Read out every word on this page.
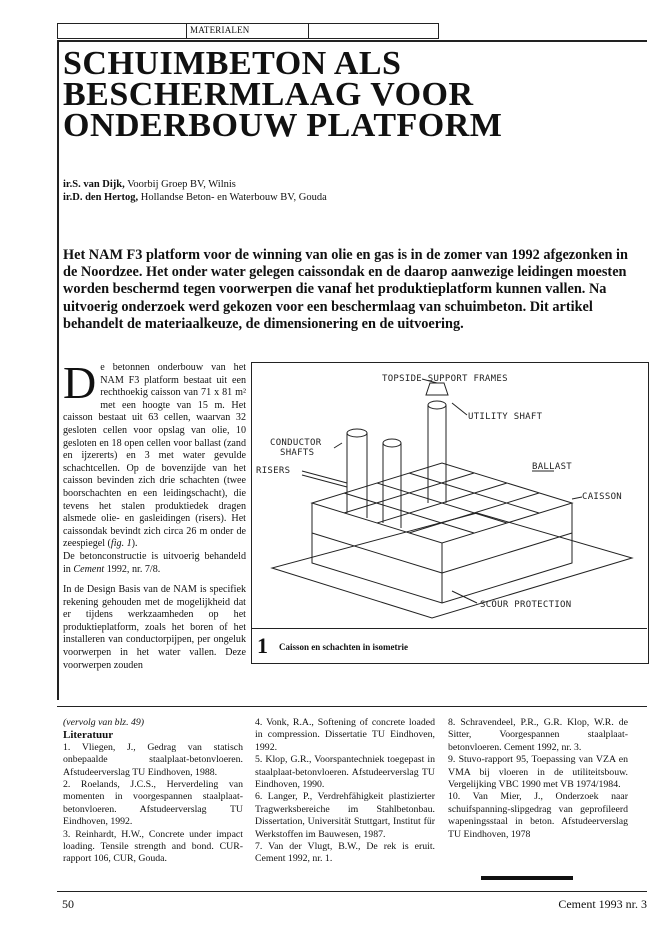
MATERIALEN
SCHUIMBETON ALS
BESCHERMLAAG VOOR
ONDERBOUW PLATFORM
ir.S. van Dijk, Voorbij Groep BV, Wilnis
ir.D. den Hertog, Hollandse Beton- en Waterbouw BV, Gouda
Het NAM F3 platform voor de winning van olie en gas is in de zomer van 1992 afgezonken in de Noordzee. Het onder water gelegen caissondak en de daarop aanwezige leidingen moesten worden beschermd tegen voorwerpen die vanaf het produktieplatform kunnen vallen. Na uitvoerig onderzoek werd gekozen voor een beschermlaag van schuimbeton. Dit artikel behandelt de materiaalkeuze, de dimensionering en de uitvoering.

De betonnen onderbouw van het NAM F3 platform bestaat uit een rechthoekig caisson van 71 x 81 m² met een hoogte van 15 m. Het caisson bestaat uit 63 cellen, waarvan 32 gesloten cellen voor opslag van olie, 10 gesloten en 18 open cellen voor ballast (zand en ijzererts) en 3 met water gevulde schachtcellen. Op de bovenzijde van het caisson bevinden zich drie schachten (twee boorschachten en een leidingschacht), die tevens het stalen produktiedek dragen alsmede olie- en gasleidingen (risers). Het caissondak bevindt zich circa 26 m onder de zeespiegel (fig. 1).
De betonconstructie is uitvoerig behandeld in Cement 1992, nr. 7/8.

In de Design Basis van de NAM is specifiek rekening gehouden met de mogelijkheid dat er tijdens werkzaamheden op het produktieplatform, zoals het boren of het installeren van conductorpijpen, per ongeluk voorwerpen in het water vallen. Deze voorwerpen zouden

TOPSIDE SUPPORT FRAMES
UTILITY SHAFT
CONDUCTOR
SHAFTS
RISERS	BALLAST
CAISSON
SCOUR PROTECTION
1 Caisson en schachten in isometrie

(vervolg van blz. 49)

Literatuur

1. Vliegen, J., Gedrag van statisch onbepaalde staalplaat-betonvloeren. Afstudeerverslag TU Eindhoven, 1988.

2. Roelands, J.C.S., Herverdeling van momenten in voorgespannen staalplaat-betonvloeren. Afstudeerverslag TU Eindhoven, 1992.

3. Reinhardt, H.W., Concrete under impact loading. Tensile strength and bond. CUR-rapport 106, CUR, Gouda.

4. Vonk, R.A., Softening of concrete loaded in compression. Dissertatie TU Eindhoven, 1992.

5. Klop, G.R., Voorspantechniek toegepast in staalplaat-betonvloeren. Afstudeerverslag TU Eindhoven, 1990.

6. Langer, P., Verdrehfähigkeit plastizierter Tragwerksbereiche im Stahlbetonbau. Dissertation, Universität Stuttgart, Institut für Werkstoffen im Bauwesen, 1987.

7. Van der Vlugt, B.W., De rek is eruit. Cement 1992, nr. 1.

8. Schravendeel, P.R., G.R. Klop, W.R. de Sitter, Voorgespannen staalplaat-betonvloeren. Cement 1992, nr. 3.

9. Stuvo-rapport 95, Toepassing van VZA en VMA bij vloeren in de utiliteitsbouw. Vergelijking VBC 1990 met VB 1974/1984.

10. Van Mier, J., Onderzoek naar schuifspanning-slipgedrag van geprofileerd wapeningsstaal in beton. Afstudeerverslag TU Eindhoven, 1978

50	Cement 1993 nr. 3
